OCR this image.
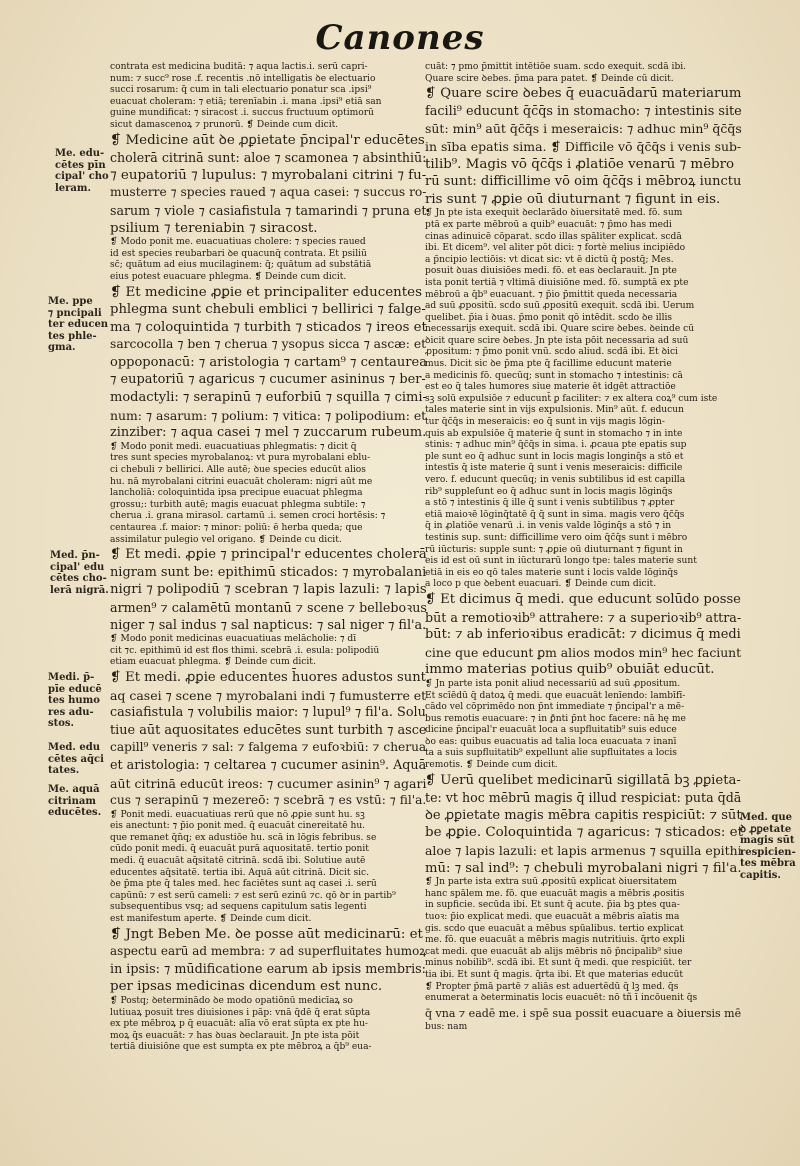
Canones
Me. edu-
cētes pīn
cipal' cho
leram.
Me. ppe
⁊ pncipali
ter educen
tes phle-
gma.
Med. p̄n-
cipal' edu
cētes cho-
lerā nigrā.
Medi. p̄-
pīe educē
tes humo
res adu-
stos.
Med. edu
cētes aq̄ci
tates.
Me. aquā
citrinam
educētes.	Med. que
ꝺ ꝓꝑetate
magis sūt
respicien-
tes mēbra
capitis.

contrata est medicina buditā: ⁊ aqua lactis.i. serū capri-

num: ⁊ succ⁹ rose .f. recentis .nō intelligatis ꝺe electuario

succi rosarum: q̄ cum in tali electuario ponatur sca .ipsi⁹

euacuat choleram: ⁊ etiā; terenīabin .i. mana .ipsi⁹ etiā san

guine mundificat: ⁊ siracost .i. succus fructuum optimorū

sicut damascenoꝝ ⁊ prunorū. ❡ Deinde cum dicit.

❡ Medicine aūt ꝺe ꝓꝑietate p̄ncipal'r educētes

cholerā citrinā sunt: aloe ⁊ scamonea ⁊ absinthiū:

⁊ eupatoriū ⁊ lupulus: ⁊ myrobalani citrini ⁊ fu-

musterre ⁊ species raued ⁊ aqua casei: ⁊ succus ro-

sarum ⁊ viole ⁊ casiafistula ⁊ tamarindi ⁊ pruna et

psilium ⁊ tereniabin ⁊ siracost.

❡ Modo ponit me. euacuatiuas cholere: ⁊ species raued

id est species reubarbari ꝺe quacunq̄ contrata. Et psiliū

sc̄; quātum ad eius mucilaginem: q̄; quātum ad substātiā

eius potest euacuare phlegma. ❡ Deinde cum dicit.

❡ Et medicine ꝓꝑie et principaliter educentes

phlegma sunt chebuli emblici ⁊ bellirici ⁊ falge-

ma ⁊ coloquintida ⁊ turbith ⁊ sticados ⁊ ireos et

sarcocolla ⁊ ben ⁊ cherua ⁊ ysopus sicca ⁊ ascæ: et

oppoponacū: ⁊ aristologia ⁊ cartam⁹ ⁊ centaurea

⁊ eupatoriū ⁊ agaricus ⁊ cucumer asininus ⁊ ber-

modactyli: ⁊ serapinū ⁊ euforbiū ⁊ squilla ⁊ cimi-

num: ⁊ asarum: ⁊ polium: ⁊ vitica: ⁊ polipodium: et

zinziber: ⁊ aqua casei ⁊ mel ⁊ zuccarum rubeum.

❡ Modo ponit medi. euacuatiuas phlegmatis: ⁊ dicit q̄

tres sunt species myrobalanoꝝ: vt pura myrobalani eblu-

ci chebuli ⁊ bellirici. Alle autē; ꝺue species educūt alios

hu. nā myrobalani citrini euacuāt choleram: nigri aūt me

lancholiā: coloquintida ipsa precipue euacuat phlegma

grossu;: turbith autē; magis euacuat phlegma subtile: ⁊

cherua .i. grana mirasol. cartamū .i. semen croci hortēsis: ⁊

centaurea .f. maior: ⁊ minor: poliū: ē herba queda; que

assimilatur pulegio vel origano. ❡ Deinde cu dicit.

❡ Et medi. ꝓꝑie ⁊ principal'r educentes cholerā

nigram sunt be: epithimū sticados: ⁊ myrobalani

nigri ⁊ polipodiū ⁊ scebran ⁊ lapis lazuli: ⁊ lapis

armen⁹ ⁊ calamētū montanū ⁊ scene ⁊ belleboꝛus

niger ⁊ sal indus ⁊ sal napticus: ⁊ sal niger ⁊ fil'a.

❡ Modo ponit medicinas euacuatiuas melācholie: ⁊ dī

cit ⁊c. epithimū id est flos thimi. scebrā .i. esula: polipodiū

etiam euacuat phlegma. ❡ Deinde cum dicit.

❡ Et medi. ꝓꝑie educentes h̄uores adustos sunt

aq casei ⁊ scene ⁊ myrobalani indi ⁊ fumusterre et

casiafistula ⁊ volubilis maior: ⁊ lupul⁹ ⁊ fil'a. Solu

tiue aūt aquositates educētes sunt turbith ⁊ asce

capill⁹ veneris ⁊ sal: ⁊ falgema ⁊ eufoꝛbiū: ⁊ cherua

et aristologia: ⁊ celtarea ⁊ cucumer asinin⁹. Aquā

aūt citrinā educūt ireos: ⁊ cucumer asinin⁹ ⁊ agari

cus ⁊ serapinū ⁊ mezereō: ⁊ scebrā ⁊ es vstū: ⁊ fil'a.

❡ Ponit medi. euacuatiuas rerū que nō ꝓꝑie sunt hu. sꝫ

eis anectunt: ⁊ p̄io ponit med. q̄ euacuāt cinereitatē hu.

que remanet q̄n̄q; ex adustiōe hu. scā in lōgis febribus. se

cūdo ponit medi. q̄ euacuāt purā aquositatē. tertio ponit

medi. q̄ euacuāt aq̄sitatē citrinā. scdā ibi. Solutiue autē

educentes aq̄sitatē. tertia ibi. Aquā aūt citrinā. Dicit sic.

ꝺe p̄ma pte q̄ tales med. hec faciētes sunt aq casei .i. serū

capūnū: ⁊ est serū cameli: ⁊ est serū ezinū ⁊c. qō ꝺr in partib⁹

subsequentibus vsq; ad sequens capitulum satis legenti

est manifestum aperte. ❡ Deinde cum dicit.

❡ Jngt Beben Me. ꝺe posse aūt medicinarū: et

aspectu earū ad membra: ⁊ ad superfluitates humoꝝ

in ipsis: ⁊ mūdificatione earum ab ipsis membris:

per ipsas medicinas dicendum est nunc.

❡ Postq; ꝺeterminādo ꝺe modo opatiōnū medicīaꝝ so

lutiuaꝝ posuit tres diuisiones i pāp: vnā q̄dē q̄ erat sūpta

ex pte mēbroꝝ p q̄ euacuāt: alīa vō erat sūpta ex pte hu-

moꝝ q̄s euacuāt: ⁊ has ꝺuas ꝺeclarauit. Jn pte ista pōit

tertiā diuisiōne que est sumpta ex pte mēbroꝝ a q̄b⁹ eua-

cuāt: ⁊ pmo p̄mittit intētiōe suam. scdo exequit. scdā ibi.

Quare scire ꝺebes. p̄ma para patet. ❡ Deinde cū dicit.

❡ Quare scire ꝺebes q̄ euacuādarū materiarum

facili⁹ educunt q̄c̄q̄s in stomacho: ⁊ intestinis site

sūt: min⁹ aūt q̄c̄q̄s i meseraicis: ⁊ adhuc min⁹ q̄c̄q̄s

in sība epatis sima. ❡ Difficile vō q̄c̄q̄s i venis sub-

tilib⁹. Magis vō q̄c̄q̄s i ꝓlatiōe venarū ⁊ mēbro

rū sunt: difficillime vō oim q̄c̄q̄s i mēbroꝝ iunctu

ris sunt ⁊ ꝓꝑie oū diuturnant ⁊ figunt in eis.

❡ Jn pte ista exequit ꝺeclarādo ꝺiuersitatē med. fō. sum

ptā ex parte mēbroū a quib⁹ euacuāt: ⁊ p̄mo has medi

cinas adinuicē cōparat. scdo illas spāliter explicat. scdā

ibi. Et dicem⁹. vel aliter pōt dici: ⁊ fortè melius incipiēdo

a p̄ncipio lectiōis: vt dicat sic: vt ē dictū q̄ postq̄; Mes.

posuit ꝺuas diuisiōes medi. fō. et eas ꝺeclarauit. Jn pte

ista ponit tertiā ⁊ vltimā diuisiōne med. fō. sumptā ex pte

mēbroū a q̄b⁹ euacuant. ⁊ p̄io p̄mittit queda necessaria

ad suū ꝓpositū. scdo suū ꝓpositū exequit. scdā ibi. Uerum

quelibet. p̄ia i ꝺuas. p̄mo ponit qō intēdit. scdo ꝺe illis

necessarijs exequit. scdā ibi. Quare scire ꝺebes. ꝺeinde cū

ꝺicit quare scire ꝺebes. Jn pte ista pōit necessaria ad suū

ꝓpositum: ⁊ p̄mo ponit vnū. scdo aliud. scdā ibi. Et ꝺici

mus. Dicit sic ꝺe p̄ma pte q̄ facillime educunt materie

a medicinis fō. quecūq; sunt in stomacho ⁊ intestinis: cā

est eo q̄ tales humores siue materie ēt idgēt attractiōe

sꝫ solū expulsiōe ⁊ educunt̄ ꝑ faciliter: ⁊ ex altera coꝝ⁹ cum iste

tales materie sint in vijs expulsionis. Min⁹ aūt. f. educun

tur q̄c̄q̄s in meseraicis: eo q̄ sunt in vijs magis lōgin-

quis ab expulsiōe q̄ materie q̄ sunt in stomacho ⁊ in inte

stinis: ⁊ adhuc min⁹ q̄c̄q̄s in sima. i. ꝓcaua pte epatis sup

ple sunt eo q̄ adhuc sunt in locis magis longinq̄s a stō et

intestīs q̄ iste materie q̄ sunt i venis meseraicis: difficile

vero. f. educunt quecūq; in venis subtilibus id est capilla

rib⁹ suppleſunt eo q̄ adhuc sunt in locis magis lōginq̄s

a stō ⁊ intestinis q̄ ille q̄ sunt i venis subtilibus ⁊ ꝓpter

etiā maioꝛē lōginq̄tatē q̄ q̄ sunt in sima. magis vero q̄c̄q̄s

q̄ in ꝓlatiōe venarū .i. in venis valde lōginq̄s a stō ⁊ in

testinis sup. sunt: difficillime vero oim q̄c̄q̄s sunt i mēbro

rū iūcturis: supple sunt: ⁊ ꝓꝑie oū diuturnant ⁊ figunt in

eis id est oū sunt in iūcturarū longo tpe: tales materie sunt

etiā in eis eo qō tales materie sunt i locis valde lōginq̄s

a loco p que ꝺebent euacuari. ❡ Deinde cum dicit.

❡ Et dicimus q̄ medi. que educunt solūdo posse

būt a remotioꝛib⁹ attrahere: ⁊ a superioꝛib⁹ attra-

būt: ⁊ ab inferioꝛibus eradicāt: ⁊ dicimus q̄ medi

cine que educunt ꝑm alios modos min⁹ hec faciunt

immo materias potius quib⁹ obuiāt educūt.

❡ Jn parte ista ponit aliud necessariū ad suū ꝓpositum.

Et scīēdū q̄ datoꝝ q̄ medi. que euacuāt lenīendo: lambīfī-

cādo vel cōprimēdo non p̄nt immediate ⁊ p̄ncipal'r a mē-

bus remotis euacuare: ⁊ in ꝑ̄nti p̄nt hoc facere: nā hę me

dicine p̄ncipal'r euacuāt loca a supfluitatib⁹ suis educe

ꝺo eas: quibus euacuatis ad talia loca euacuata ⁊ inanī

ta a suis supfluitatib⁹ expellunt alie supfluitates a locis

remotis. ❡ Deinde cum dicit.

❡ Uerū quelibet medicinarū sigillatā bꝫ ꝓꝑieta-

te: vt hoc mēbrū magis q̄ illud respiciat: puta q̄dā

ꝺe ꝓꝑietate magis mēbra capitis respiciūt: ⁊ sūt

be ꝓꝑie. Coloquintida ⁊ agaricus: ⁊ sticados: et

aloe ⁊ lapis lazuli: et lapis armenus ⁊ squilla epithi

mū: ⁊ sal ind⁹: ⁊ chebuli myrobalani nigri ⁊ fil'a.

❡ Jn parte ista extra suū ꝓpositū explicat ꝺiuersitatem

hanc spālem me. fō. que euacuāt magis a mēbris ꝓositis

in supficie. secūda ibi. Et sunt q̄ acute. p̄ia bꝫ ptes qua-

tuoꝛ: p̄io explicat medi. que euacuāt a mēbris aīatis ma

gis. scdo que euacuāt a mēbus spūalibus. tertio explicat

me. fō. que euacuāt a mēbris magis nutritiuis. q̄rto expli

cat medi. que euacuāt ab alijs mēbris nō p̄ncipalib⁹ siue

minus nobilib⁹. scdā ibi. Et sunt q̄ medi. que respiciūt. ter

tia ibi. Et sunt q̄ magis. q̄rta ibi. Et que materias educūt

❡ Propter p̄mā partē ⁊ aliās est aduertēdū q̄ lꝫ med. q̄s

enumerat a ꝺeterminatis locis euacuēt: nō tñ ī incōuenit q̄s

q̄ vna ⁊ eadē me. i spē sua possit euacuare a ꝺiuersis mē

bus: nam
